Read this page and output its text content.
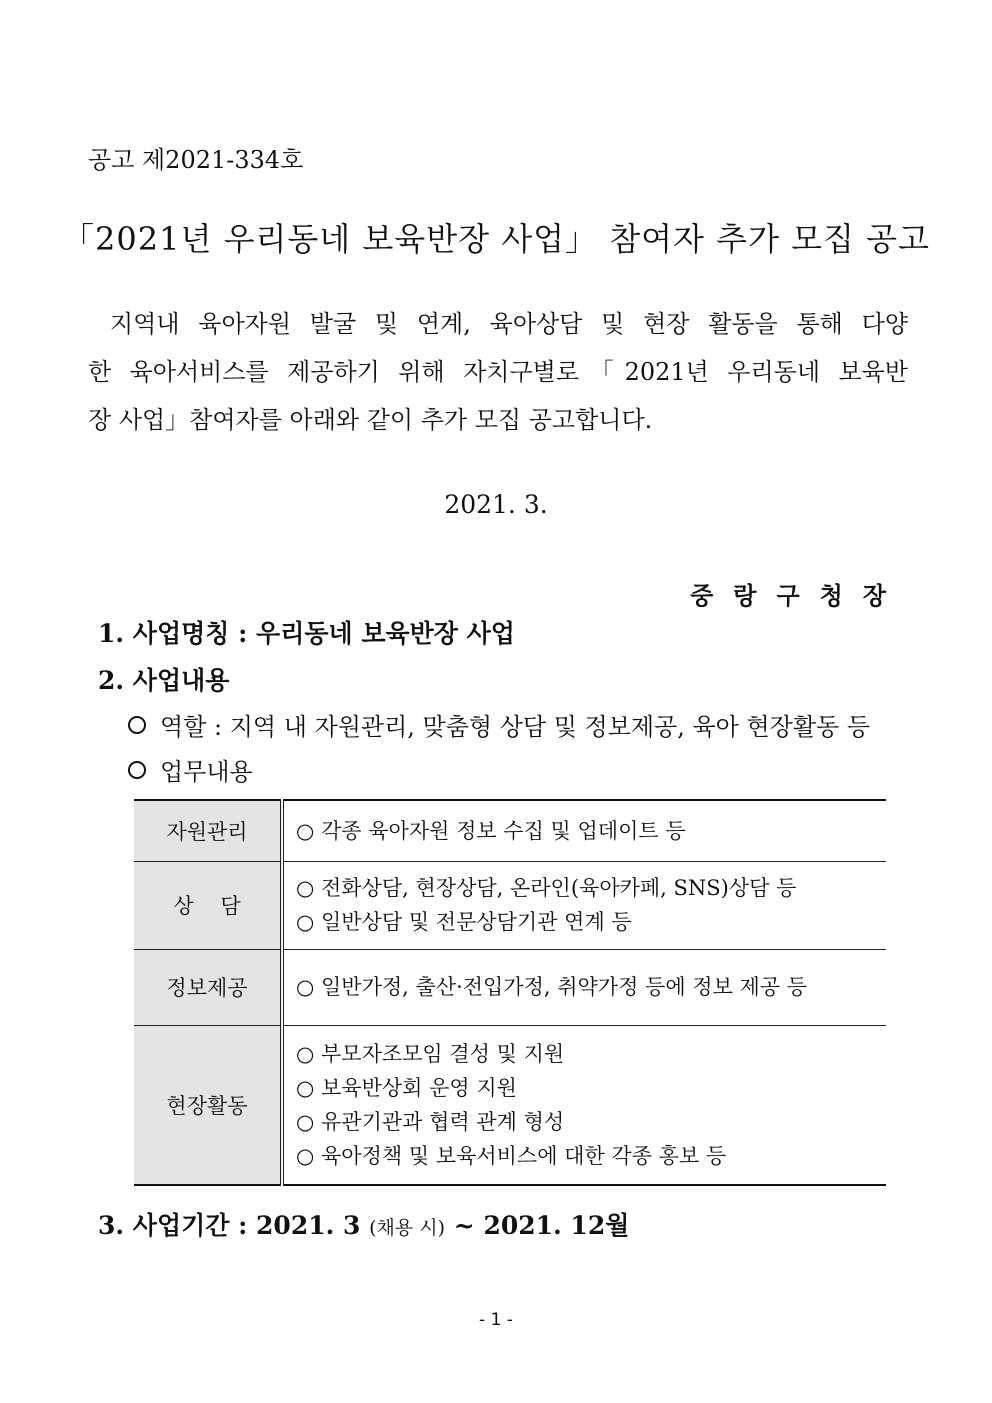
공고 제2021-334호
「2021년 우리동네 보육반장 사업」 참여자 추가 모집 공고
지역내 육아자원 발굴 및 연계, 육아상담 및 현장 활동을 통해 다양
한 육아서비스를 제공하기 위해 자치구별로「2021년 우리동네 보육반
장 사업」참여자를 아래와 같이 추가 모집 공고합니다.
2021. 3.
중랑구청장
1. 사업명칭 : 우리동네 보육반장 사업
2. 사업내용
역할 : 지역 내 자원관리, 맞춤형 상담 및 정보제공, 육아 현장활동 등
업무내용
자원관리	○ 각종 육아자원 정보 수집 및 업데이트 등

상    담	○ 전화상담, 현장상담, 온라인(육아카페, SNS)상담 등
○ 일반상담 및 전문상담기관 연계 등

정보제공	○ 일반가정, 출산·전입가정, 취약가정 등에 정보 제공 등

현장활동	○ 부모자조모임 결성 및 지원
○ 보육반상회 운영 지원
○ 유관기관과 협력 관계 형성
○ 육아정책 및 보육서비스에 대한 각종 홍보 등
3. 사업기간 : 2021. 3 (채용 시) ~ 2021. 12월
- 1 -
